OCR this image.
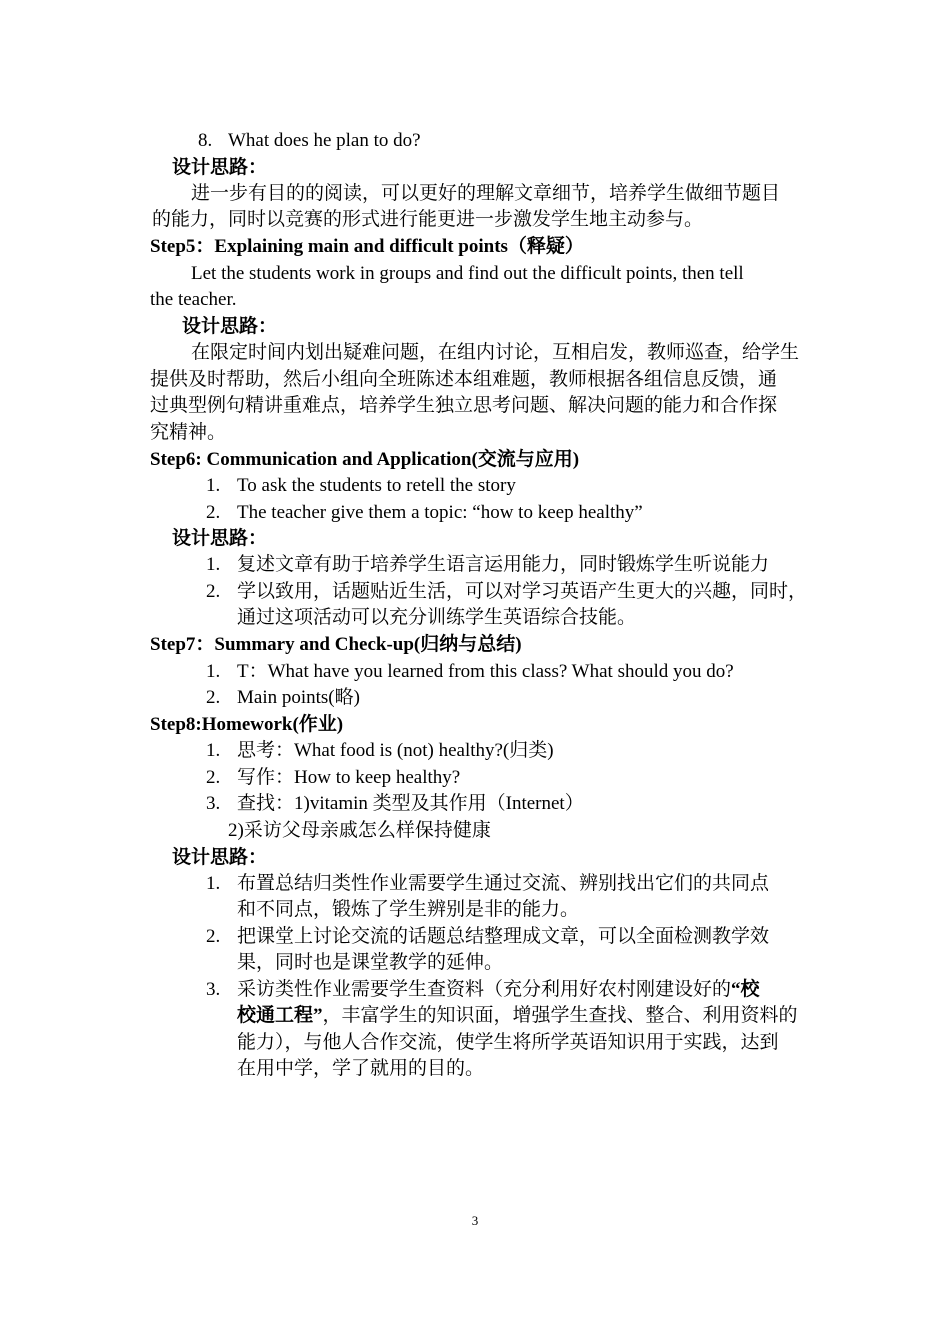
8. What does he plan to do?
设计思路：
进一步有目的的阅读，可以更好的理解文章细节，培养学生做细节题目
的能力，同时以竞赛的形式进行能更进一步激发学生地主动参与。
Step5：Explaining main and difficult points（释疑）
Let the students work in groups and find out the difficult points, then tell
the teacher.
设计思路：
在限定时间内划出疑难问题，在组内讨论，互相启发，教师巡查，给学生
提供及时帮助，然后小组向全班陈述本组难题，教师根据各组信息反馈，通
过典型例句精讲重难点，培养学生独立思考问题、解决问题的能力和合作探
究精神。
Step6: Communication and Application(交流与应用)
1. To ask the students to retell the story
2. The teacher give them a topic: “how to keep healthy”
设计思路：
1. 复述文章有助于培养学生语言运用能力，同时锻炼学生听说能力
2. 学以致用，话题贴近生活，可以对学习英语产生更大的兴趣，同时，
通过这项活动可以充分训练学生英语综合技能。
Step7：Summary and Check-up(归纳与总结)
1. T：What have you learned from this class? What should you do?
2. Main points(略)
Step8:Homework(作业)
1. 思考：What food is (not) healthy?(归类)
2. 写作：How to keep healthy?
3. 查找：1)vitamin 类型及其作用（Internet）
2)采访父母亲戚怎么样保持健康
设计思路：
1. 布置总结归类性作业需要学生通过交流、辨别找出它们的共同点
和不同点，锻炼了学生辨别是非的能力。
2. 把课堂上讨论交流的话题总结整理成文章，可以全面检测教学效
果，同时也是课堂教学的延伸。
3. 采访类性作业需要学生查资料（充分利用好农村刚建设好的“校
校通工程”，丰富学生的知识面，增强学生查找、整合、利用资料的
能力），与他人合作交流，使学生将所学英语知识用于实践，达到
在用中学，学了就用的目的。
3
